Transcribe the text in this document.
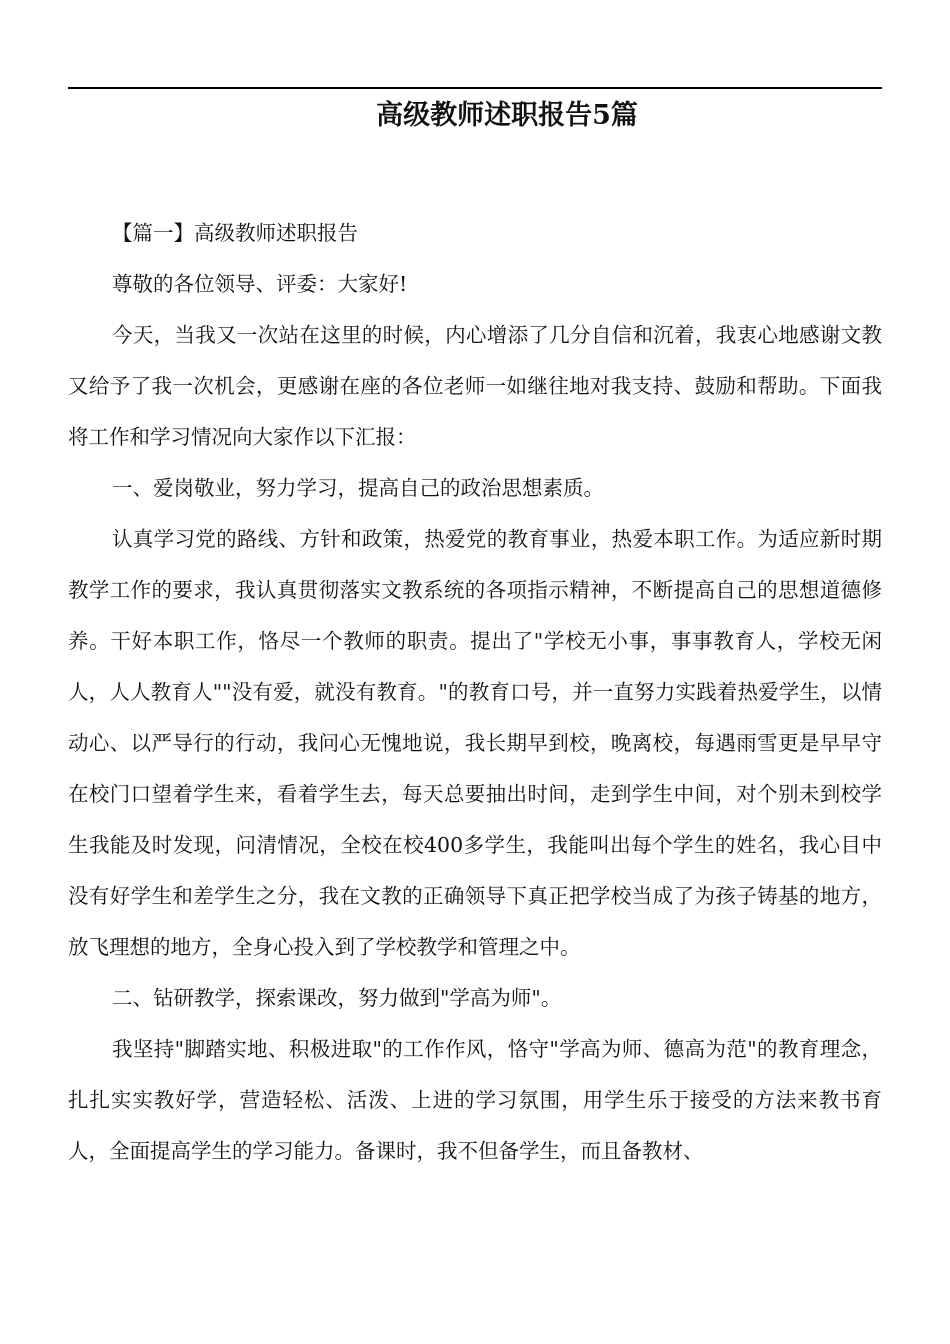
高级教师述职报告5篇

【篇一】高级教师述职报告

尊敬的各位领导、评委：大家好!

今天，当我又一次站在这里的时候，内心增添了几分自信和沉着，我衷心地感谢文教又给予了我一次机会，更感谢在座的各位老师一如继往地对我支持、鼓励和帮助。下面我将工作和学习情况向大家作以下汇报：

一、爱岗敬业，努力学习，提高自己的政治思想素质。

认真学习党的路线、方针和政策，热爱党的教育事业，热爱本职工作。为适应新时期教学工作的要求，我认真贯彻落实文教系统的各项指示精神，不断提高自己的思想道德修养。干好本职工作，恪尽一个教师的职责。提出了"学校无小事，事事教育人，学校无闲人，人人教育人""没有爱，就没有教育。"的教育口号，并一直努力实践着热爱学生，以情动心、以严导行的行动，我问心无愧地说，我长期早到校，晚离校，每遇雨雪更是早早守在校门口望着学生来，看着学生去，每天总要抽出时间，走到学生中间，对个别未到校学生我能及时发现，问清情况，全校在校400多学生，我能叫出每个学生的姓名，我心目中没有好学生和差学生之分，我在文教的正确领导下真正把学校当成了为孩子铸基的地方，放飞理想的地方，全身心投入到了学校教学和管理之中。

二、钻研教学，探索课改，努力做到"学高为师"。

我坚持"脚踏实地、积极进取"的工作作风，恪守"学高为师、德高为范"的教育理念，扎扎实实教好学，营造轻松、活泼、上进的学习氛围，用学生乐于接受的方法来教书育人，全面提高学生的学习能力。备课时，我不但备学生，而且备教材、
